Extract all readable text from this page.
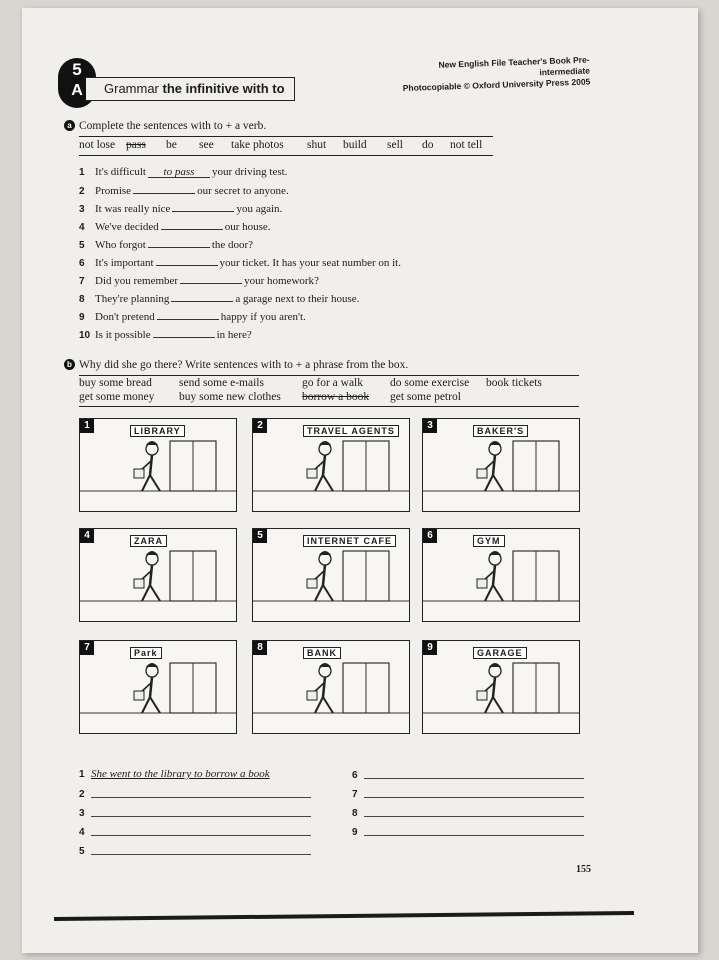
5
A	Grammar the infinitive with to
New English File Teacher's Book Pre-intermediate
Photocopiable © Oxford University Press 2005
a Complete the sentences with to + a verb.
not lose pass be see take photos shut build sell do not tell
1 It's difficult to pass your driving test.
2 Promise	our secret to anyone.
3 It was really nice	you again.
4 We've decided	our house.
5 Who forgot	the door?
6 It's important	your ticket. It has your seat number on it.
7 Did you remember	your homework?
8 They're planning	a garage next to their house.
9 Don't pretend	happy if you aren't.
10 Is it possible	in here?
b Why did she go there? Write sentences with to + a phrase from the box.
buy some bread send some e-mails	go for a walk do some exercise book tickets
get some money buy some new clothes borrow a book get some petrol
1	LIBRARY	2	TRAVEL AGENTS	3	BAKER'S
4	ZARA	5	INTERNET CAFE	6	GYM
7	Park	8	BANK	9	GARAGE
1 She went to the library to borrow a book
2
3
4
5
6
7
8
9
155
